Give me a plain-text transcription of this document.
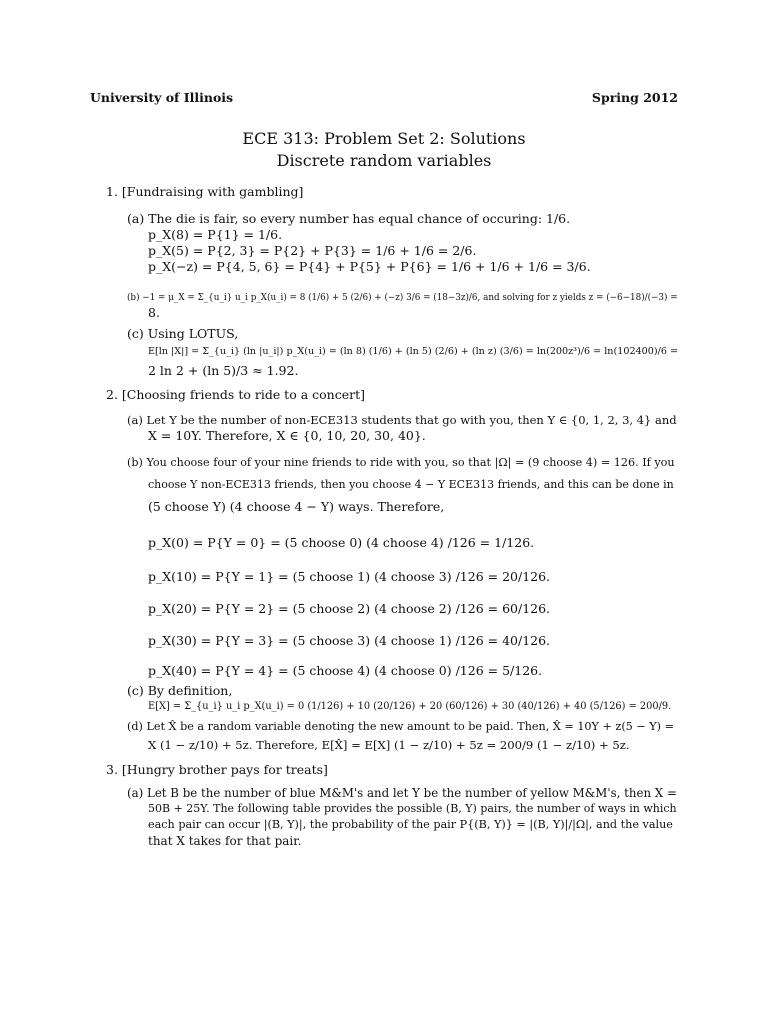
University of Illinois	Spring 2012
ECE 313: Problem Set 2: Solutions
Discrete random variables
1. [Fundraising with gambling]
(a) The die is fair, so every number has equal chance of occuring: 1/6.
p_X(8) = P{1} = 1/6.
p_X(5) = P{2, 3} = P{2} + P{3} = 1/6 + 1/6 = 2/6.
p_X(−z) = P{4, 5, 6} = P{4} + P{5} + P{6} = 1/6 + 1/6 + 1/6 = 3/6.
(b) −1 = μ_X = Σ_{u_i} u_i p_X(u_i) = 8 (1/6) + 5 (2/6) + (−z) 3/6 = (18−3z)/6, and solving for z yields z = (−6−18)/(−3) =
8.
(c) Using LOTUS,
E[ln |X|] = Σ_{u_i} (ln |u_i|) p_X(u_i) = (ln 8) (1/6) + (ln 5) (2/6) + (ln z) (3/6) = ln(200z³)/6 = ln(102400)/6 =
2 ln 2 + (ln 5)/3 ≈ 1.92.
2. [Choosing friends to ride to a concert]
(a) Let Y be the number of non-ECE313 students that go with you, then Y ∈ {0, 1, 2, 3, 4} and
X = 10Y. Therefore, X ∈ {0, 10, 20, 30, 40}.
(b) You choose four of your nine friends to ride with you, so that |Ω| = (9 choose 4) = 126. If you
choose Y non-ECE313 friends, then you choose 4 − Y ECE313 friends, and this can be done in
(5 choose Y) (4 choose 4 − Y) ways. Therefore,
p_X(0) = P{Y = 0} = (5 choose 0) (4 choose 4) /126 = 1/126.
p_X(10) = P{Y = 1} = (5 choose 1) (4 choose 3) /126 = 20/126.
p_X(20) = P{Y = 2} = (5 choose 2) (4 choose 2) /126 = 60/126.
p_X(30) = P{Y = 3} = (5 choose 3) (4 choose 1) /126 = 40/126.
p_X(40) = P{Y = 4} = (5 choose 4) (4 choose 0) /126 = 5/126.
(c) By definition,
E[X] = Σ_{u_i} u_i p_X(u_i) = 0 (1/126) + 10 (20/126) + 20 (60/126) + 30 (40/126) + 40 (5/126) = 200/9.
(d) Let X̂ be a random variable denoting the new amount to be paid. Then, X̂ = 10Y + z(5 − Y) =
X (1 − z/10) + 5z. Therefore, E[X̂] = E[X] (1 − z/10) + 5z = 200/9 (1 − z/10) + 5z.
3. [Hungry brother pays for treats]
(a) Let B be the number of blue M&M's and let Y be the number of yellow M&M's, then X =
50B + 25Y. The following table provides the possible (B, Y) pairs, the number of ways in which
each pair can occur |(B, Y)|, the probability of the pair P{(B, Y)} = |(B, Y)|/|Ω|, and the value
that X takes for that pair.
